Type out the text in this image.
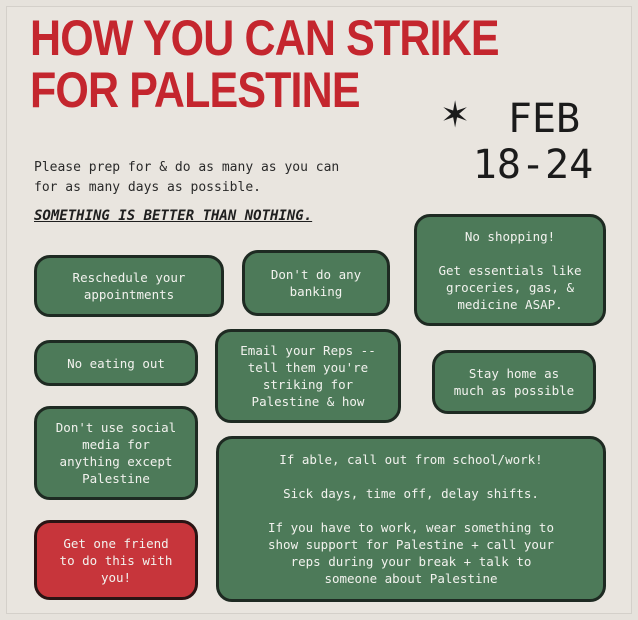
HOW YOU CAN STRIKE
FOR PALESTINE	✶ FEB
18-24
Please prep for & do as many as you can
for as many days as possible.
SOMETHING IS BETTER THAN NOTHING.

No shopping!

Get essentials like

groceries, gas, &

medicine ASAP.

Reschedule your

appointments

Don't do any

banking

No eating out

Email your Reps --

tell them you're

striking for

Palestine & how

Stay home as

much as possible

Don't use social

media for

anything except

Palestine

If able, call out from school/work!

Sick days, time off, delay shifts.

If you have to work, wear something to

show support for Palestine + call your

reps during your break + talk to

someone about Palestine

Get one friend

to do this with

you!
